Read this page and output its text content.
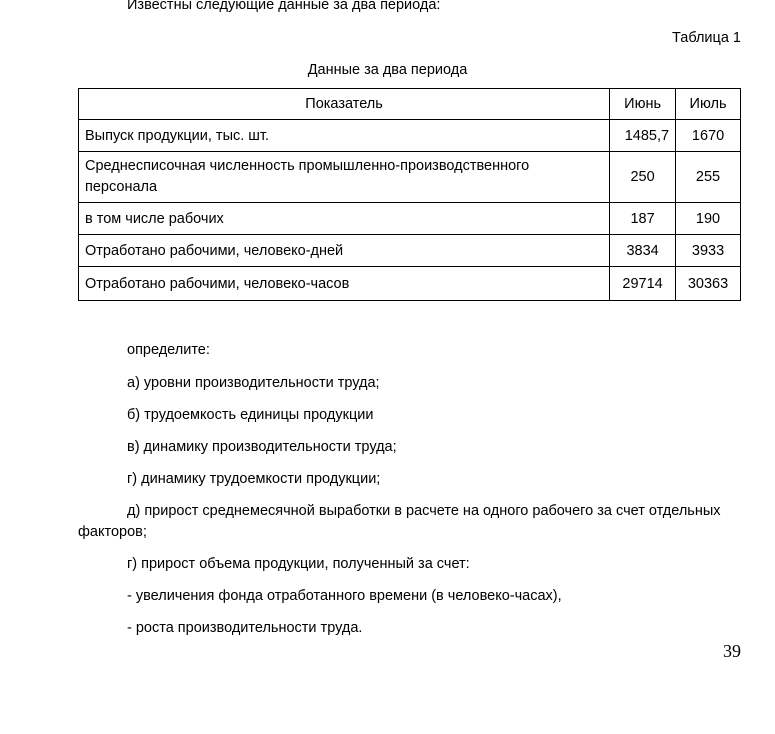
Известны следующие данные за два периода:
Таблица 1
Данные за два периода
Показатель	Июнь	Июль
Выпуск продукции, тыс. шт.	1485,7	1670

Среднесписочная численность промышленно-производственного персонала	250	255
в том числе рабочих	187	190
Отработано рабочими, человеко-дней	3834	3933
Отработано рабочими, человеко-часов	29714	30363
определите:
а) уровни производительности труда;
б) трудоемкость единицы продукции
в) динамику производительности труда;
г) динамику трудоемкости продукции;
д) прирост среднемесячной выработки в расчете на одного рабочего за счет отдельных
факторов;
г) прирост объема продукции, полученный за счет:
- увеличения фонда отработанного времени (в человеко-часах),
- роста производительности труда.
39
